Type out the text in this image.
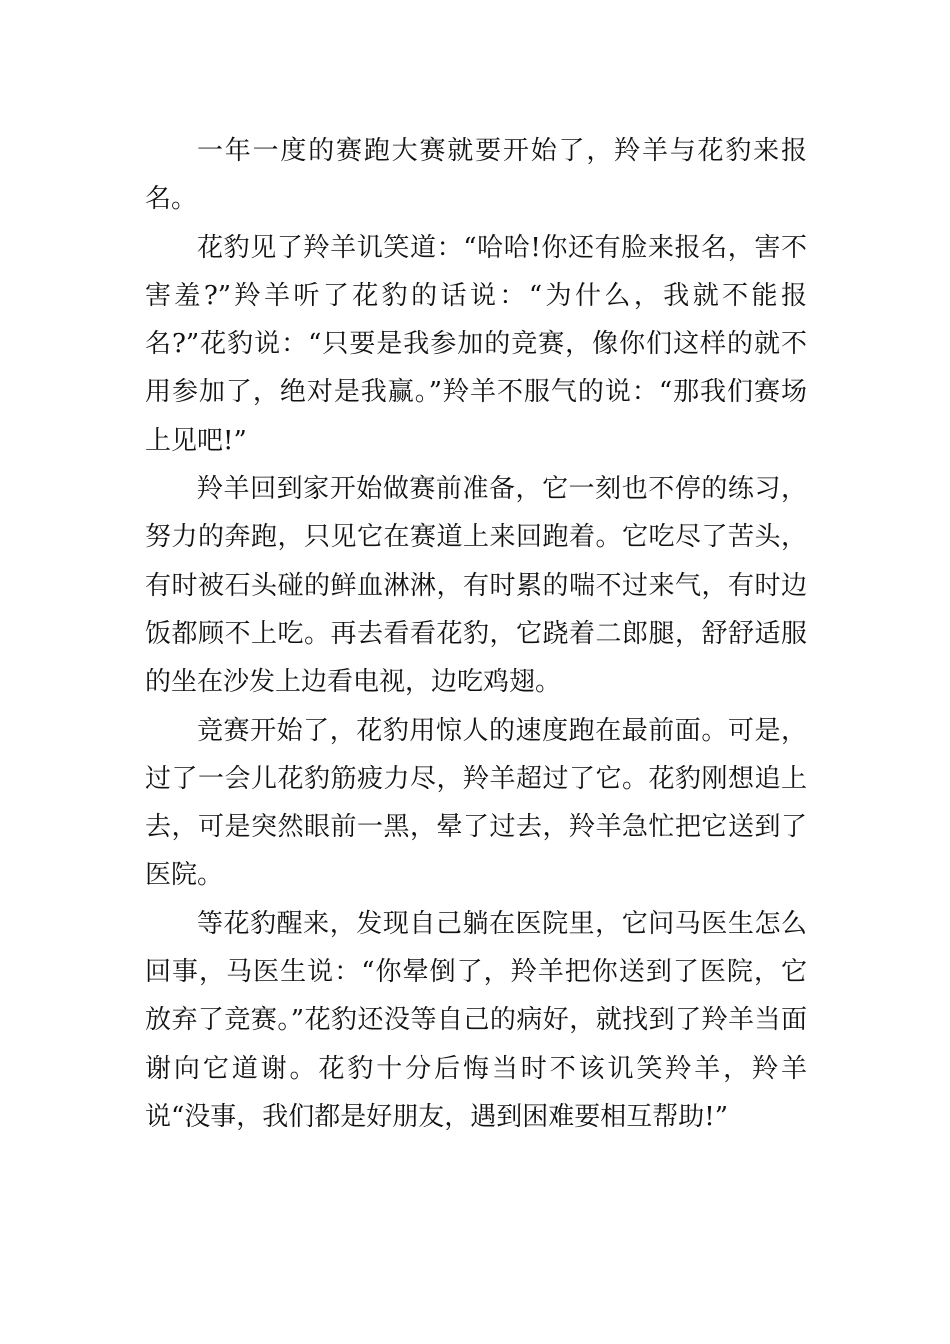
一年一度的赛跑大赛就要开始了，羚羊与花豹来报名。

花豹见了羚羊讥笑道：“哈哈!你还有脸来报名，害不害羞?”羚羊听了花豹的话说：“为什么，我就不能报名?”花豹说：“只要是我参加的竞赛，像你们这样的就不用参加了，绝对是我赢。”羚羊不服气的说：“那我们赛场上见吧!”

羚羊回到家开始做赛前准备，它一刻也不停的练习，努力的奔跑，只见它在赛道上来回跑着。它吃尽了苦头，有时被石头碰的鲜血淋淋，有时累的喘不过来气，有时边饭都顾不上吃。再去看看花豹，它跷着二郎腿，舒舒适服的坐在沙发上边看电视，边吃鸡翅。

竞赛开始了，花豹用惊人的速度跑在最前面。可是，过了一会儿花豹筋疲力尽，羚羊超过了它。花豹刚想追上去，可是突然眼前一黑，晕了过去，羚羊急忙把它送到了医院。

等花豹醒来，发现自己躺在医院里，它问马医生怎么回事，马医生说：“你晕倒了，羚羊把你送到了医院，它放弃了竞赛。”花豹还没等自己的病好，就找到了羚羊当面谢向它道谢。花豹十分后悔当时不该讥笑羚羊，羚羊说“没事，我们都是好朋友，遇到困难要相互帮助!”
